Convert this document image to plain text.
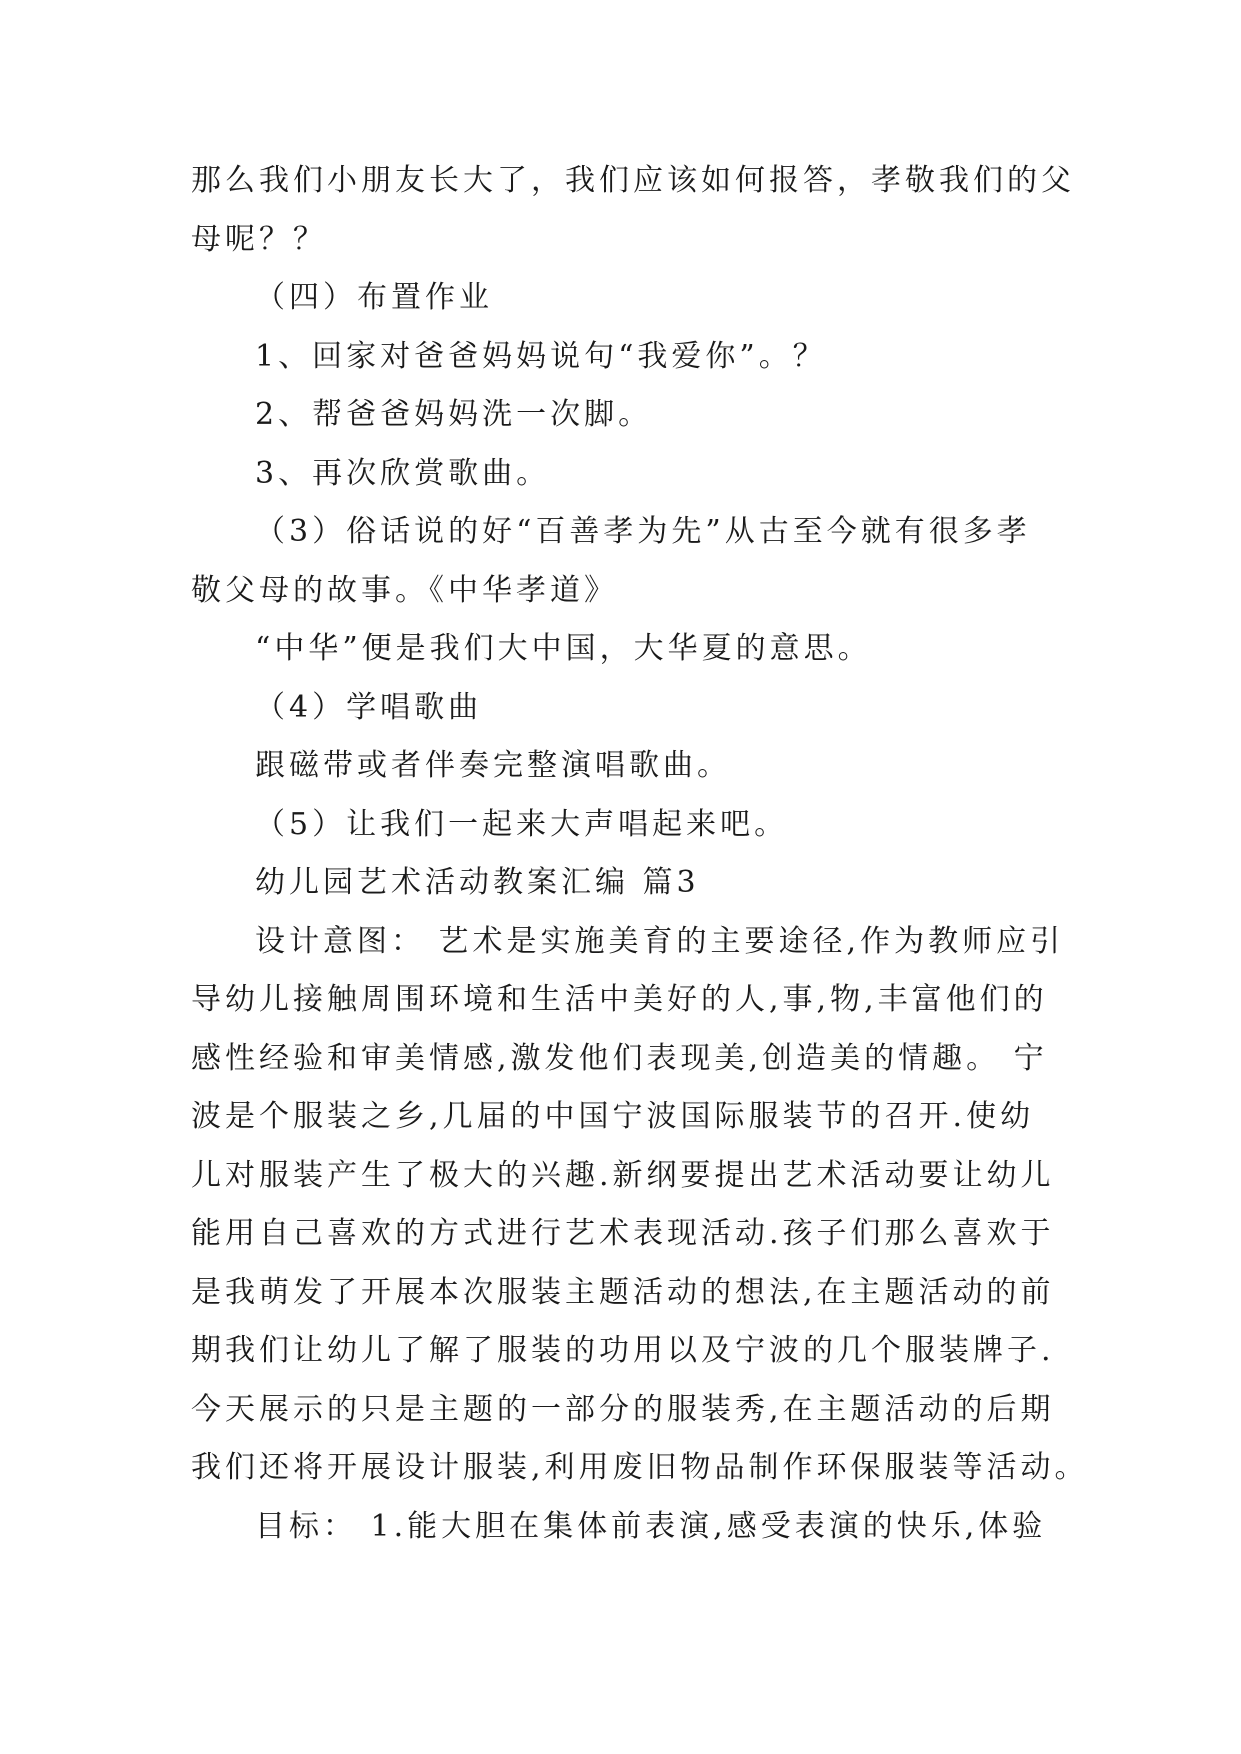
那么我们小朋友长大了，我们应该如何报答，孝敬我们的父

母呢？？

（四）布置作业

1、回家对爸爸妈妈说句“我爱你”。？

2、帮爸爸妈妈洗一次脚。

3、再次欣赏歌曲。

（3）俗话说的好“百善孝为先”从古至今就有很多孝

敬父母的故事。《中华孝道》

“中华”便是我们大中国，大华夏的意思。

（4）学唱歌曲

跟磁带或者伴奏完整演唱歌曲。

（5）让我们一起来大声唱起来吧。

幼儿园艺术活动教案汇编 篇3

设计意图： 艺术是实施美育的主要途径,作为教师应引

导幼儿接触周围环境和生活中美好的人,事,物,丰富他们的

感性经验和审美情感,激发他们表现美,创造美的情趣。 宁

波是个服装之乡,几届的中国宁波国际服装节的召开.使幼

儿对服装产生了极大的兴趣.新纲要提出艺术活动要让幼儿

能用自己喜欢的方式进行艺术表现活动.孩子们那么喜欢于

是我萌发了开展本次服装主题活动的想法,在主题活动的前

期我们让幼儿了解了服装的功用以及宁波的几个服装牌子.

今天展示的只是主题的一部分的服装秀,在主题活动的后期

我们还将开展设计服装,利用废旧物品制作环保服装等活动。

目标： 1.能大胆在集体前表演,感受表演的快乐,体验
